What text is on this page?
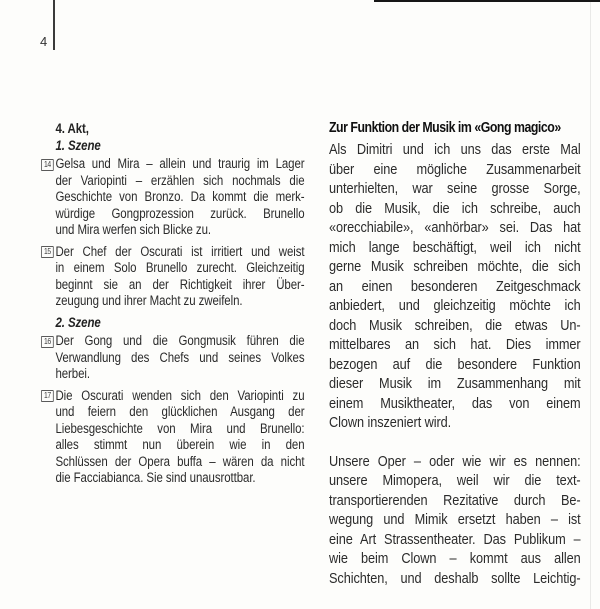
4
4. Akt,
1. Szene
14 Gelsa und Mira – allein und traurig im Lager
der Variopinti – erzählen sich nochmals die
Geschichte von Bronzo. Da kommt die merk-
würdige Gongprozession zurück. Brunello
und Mira werfen sich Blicke zu.
15 Der Chef der Oscurati ist irritiert und weist
in einem Solo Brunello zurecht. Gleichzeitig
beginnt sie an der Richtigkeit ihrer Über-
zeugung und ihrer Macht zu zweifeln.
2. Szene
16 Der Gong und die Gongmusik führen die
Verwandlung des Chefs und seines Volkes
herbei.
17 Die Oscurati wenden sich den Variopinti zu
und feiern den glücklichen Ausgang der
Liebesgeschichte von Mira und Brunello:
alles stimmt nun überein wie in den
Schlüssen der Opera buffa – wären da nicht
die Facciabianca. Sie sind unausrottbar.
Zur Funktion der Musik im «Gong magico»
Als Dimitri und ich uns das erste Mal
über eine mögliche Zusammenarbeit
unterhielten, war seine grosse Sorge,
ob die Musik, die ich schreibe, auch
«orecchiabile», «anhörbar» sei. Das hat
mich lange beschäftigt, weil ich nicht
gerne Musik schreiben möchte, die sich
an einen besonderen Zeitgeschmack
anbiedert, und gleichzeitig möchte ich
doch Musik schreiben, die etwas Un-
mittelbares an sich hat. Dies immer
bezogen auf die besondere Funktion
dieser Musik im Zusammenhang mit
einem Musiktheater, das von einem
Clown inszeniert wird.
Unsere Oper – oder wie wir es nennen:
unsere Mimopera, weil wir die text-
transportierenden Rezitative durch Be-
wegung und Mimik ersetzt haben – ist
eine Art Strassentheater. Das Publikum –
wie beim Clown – kommt aus allen
Schichten, und deshalb sollte Leichtig-
